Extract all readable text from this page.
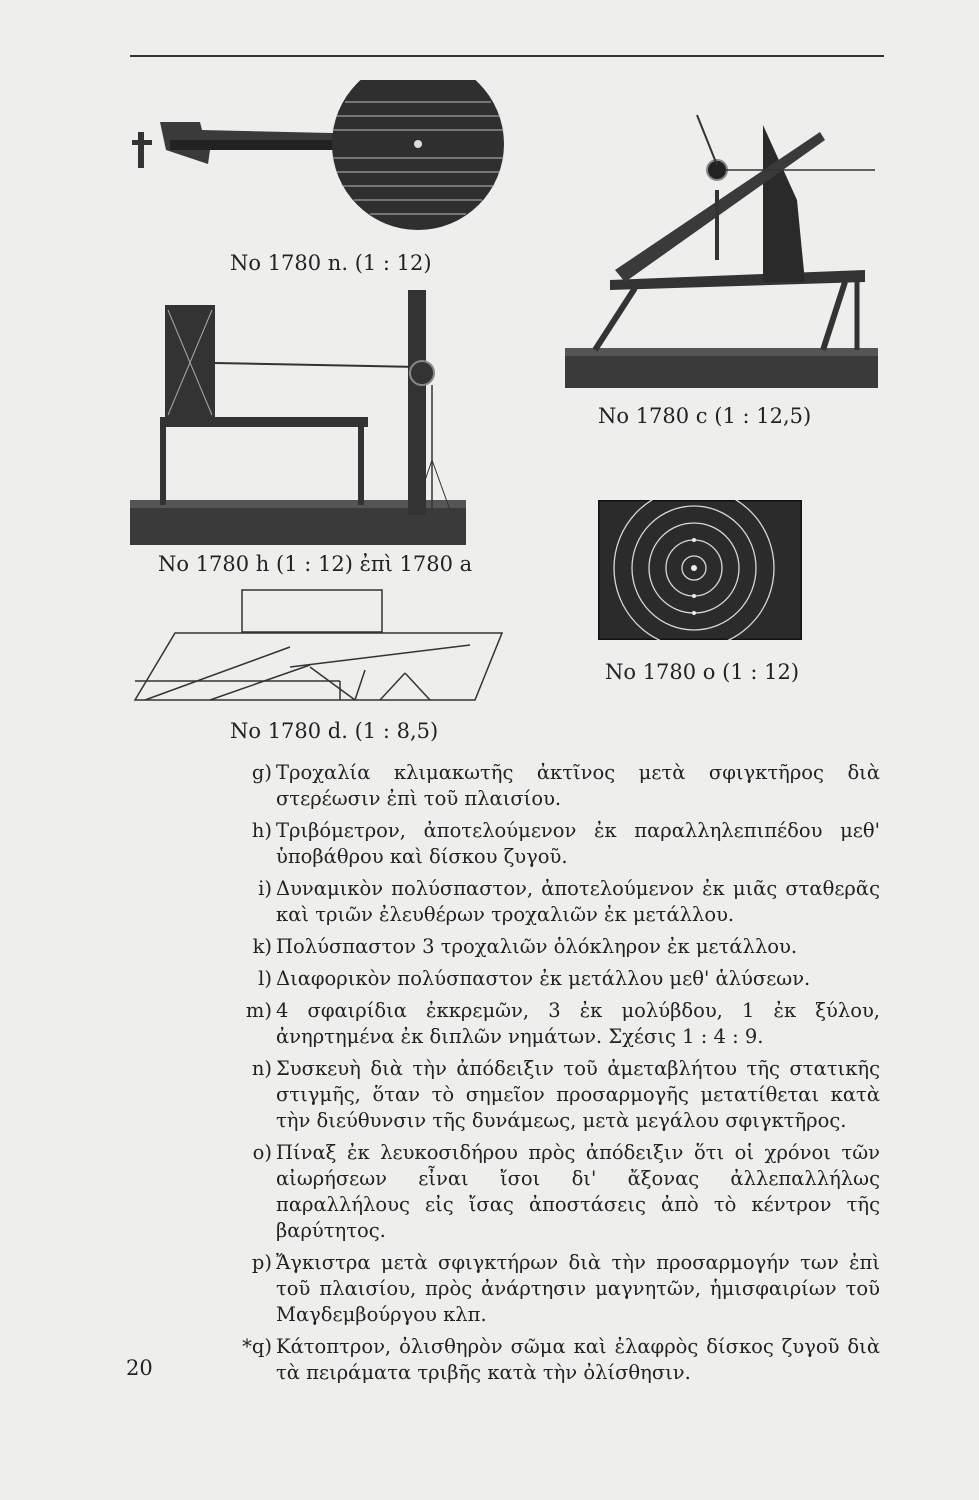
No 1780 n. (1 : 12)
No 1780 c (1 : 12,5)
No 1780 h (1 : 12) ἐπὶ 1780 a
No 1780 o (1 : 12)
No 1780 d. (1 : 8,5)
g) Τροχαλία κλιμακωτῆς ἀκτῖνος μετὰ σφιγκτῆρος διὰ στερέωσιν ἐπὶ τοῦ πλαισίου.
h) Τριβόμετρον, ἀποτελούμενον ἐκ παραλληλεπιπέδου μεθ' ὑποβάθρου καὶ δίσκου ζυγοῦ.
i) Δυναμικὸν πολύσπαστον, ἀποτελούμενον ἐκ μιᾶς σταθερᾶς καὶ τριῶν ἐλευθέρων τροχαλιῶν ἐκ μετάλλου.
k) Πολύσπαστον 3 τροχαλιῶν ὁλόκληρον ἐκ μετάλλου.
l) Διαφορικὸν πολύσπαστον ἐκ μετάλλου μεθ' ἁλύσεων.
m) 4 σφαιρίδια ἐκκρεμῶν, 3 ἐκ μολύβδου, 1 ἐκ ξύλου, ἀνηρτημένα ἐκ διπλῶν νημάτων. Σχέσις 1 : 4 : 9.
n) Συσκευὴ διὰ τὴν ἀπόδειξιν τοῦ ἀμεταβλήτου τῆς στατικῆς στιγμῆς, ὅταν τὸ σημεῖον προσαρμογῆς μετατίθεται κατὰ τὴν διεύθυνσιν τῆς δυνάμεως, μετὰ μεγάλου σφιγκτῆρος.
o) Πίναξ ἐκ λευκοσιδήρου πρὸς ἀπόδειξιν ὅτι οἱ χρόνοι τῶν αἰωρήσεων εἶναι ἴσοι δι' ἄξονας ἀλλεπαλλήλως παραλλήλους εἰς ἴσας ἀποστάσεις ἀπὸ τὸ κέντρον τῆς βαρύτητος.
p) Ἄγκιστρα μετὰ σφιγκτήρων διὰ τὴν προσαρμογήν των ἐπὶ τοῦ πλαισίου, πρὸς ἀνάρτησιν μαγνητῶν, ἡμισφαιρίων τοῦ Μαγδεμβούργου κλπ.
*q) Κάτοπτρον, ὀλισθηρὸν σῶμα καὶ ἐλαφρὸς δίσκος ζυγοῦ διὰ τὰ πειράματα τριβῆς κατὰ τὴν ὀλίσθησιν.
20
